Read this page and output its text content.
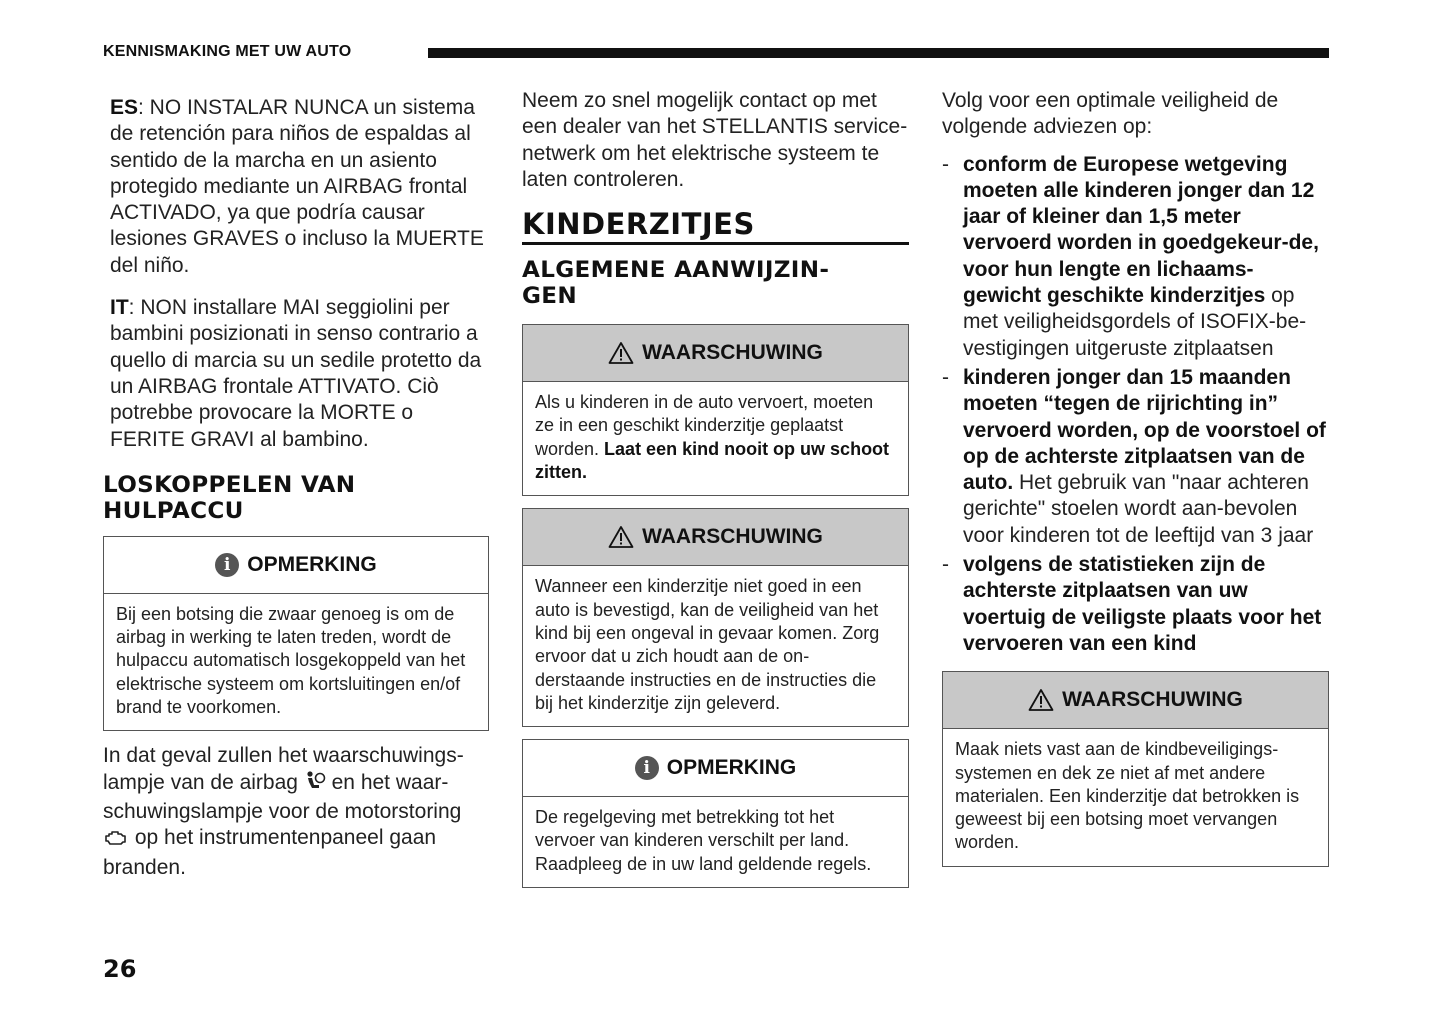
KENNISMAKING MET UW AUTO

ES: NO INSTALAR NUNCA un sistema de retención para niños de espaldas al sentido de la marcha en un asiento protegido mediante un AIRBAG frontal ACTIVADO, ya que podría causar lesiones GRAVES o incluso la MUERTE del niño.

IT: NON installare MAI seggiolini per bambini posizionati in senso contrario a quello di marcia su un sedile protetto da un AIRBAG frontale ATTIVATO. Ciò potrebbe provocare la MORTE o FERITE GRAVI al bambino.

LOSKOPPELEN VAN
HULPACCU
i OPMERKING

Bij een botsing die zwaar genoeg is om de airbag in werking te laten treden, wordt de hulpaccu automatisch losgekoppeld van het elektrische systeem om kortsluitingen en/of brand te voorkomen.

In dat geval zullen het waarschuwings-lampje van de airbag  en het waar-schuwingslampje voor de motorstoring  op het instrumentenpaneel gaan branden.

Neem zo snel mogelijk contact op met een dealer van het STELLANTIS service-netwerk om het elektrische systeem te laten controleren.

KINDERZITJES
ALGEMENE AANWIJZIN-
GEN
WAARSCHUWING

Als u kinderen in de auto vervoert, moeten ze in een geschikt kinderzitje geplaatst worden. Laat een kind nooit op uw schoot zitten.

WAARSCHUWING

Wanneer een kinderzitje niet goed in een auto is bevestigd, kan de veiligheid van het kind bij een ongeval in gevaar komen. Zorg ervoor dat u zich houdt aan de on-derstaande instructies en de instructies die bij het kinderzitje zijn geleverd.

i OPMERKING

De regelgeving met betrekking tot het vervoer van kinderen verschilt per land. Raadpleeg de in uw land geldende regels.

Volg voor een optimale veiligheid de volgende adviezen op:

- conform de Europese wetgeving moeten alle kinderen jonger dan 12 jaar of kleiner dan 1,5 meter vervoerd worden in goedgekeur-de, voor hun lengte en lichaams-gewicht geschikte kinderzitjes op met veiligheidsgordels of ISOFIX-be-vestigingen uitgeruste zitplaatsen
- kinderen jonger dan 15 maanden moeten “tegen de rijrichting in” vervoerd worden, op de voorstoel of op de achterste zitplaatsen van de auto. Het gebruik van "naar achteren gerichte" stoelen wordt aan-bevolen voor kinderen tot de leeftijd van 3 jaar
- volgens de statistieken zijn de achterste zitplaatsen van uw voertuig de veiligste plaats voor het vervoeren van een kind
WAARSCHUWING

Maak niets vast aan de kindbeveiligings-systemen en dek ze niet af met andere materialen. Een kinderzitje dat betrokken is geweest bij een botsing moet vervangen worden.

26
